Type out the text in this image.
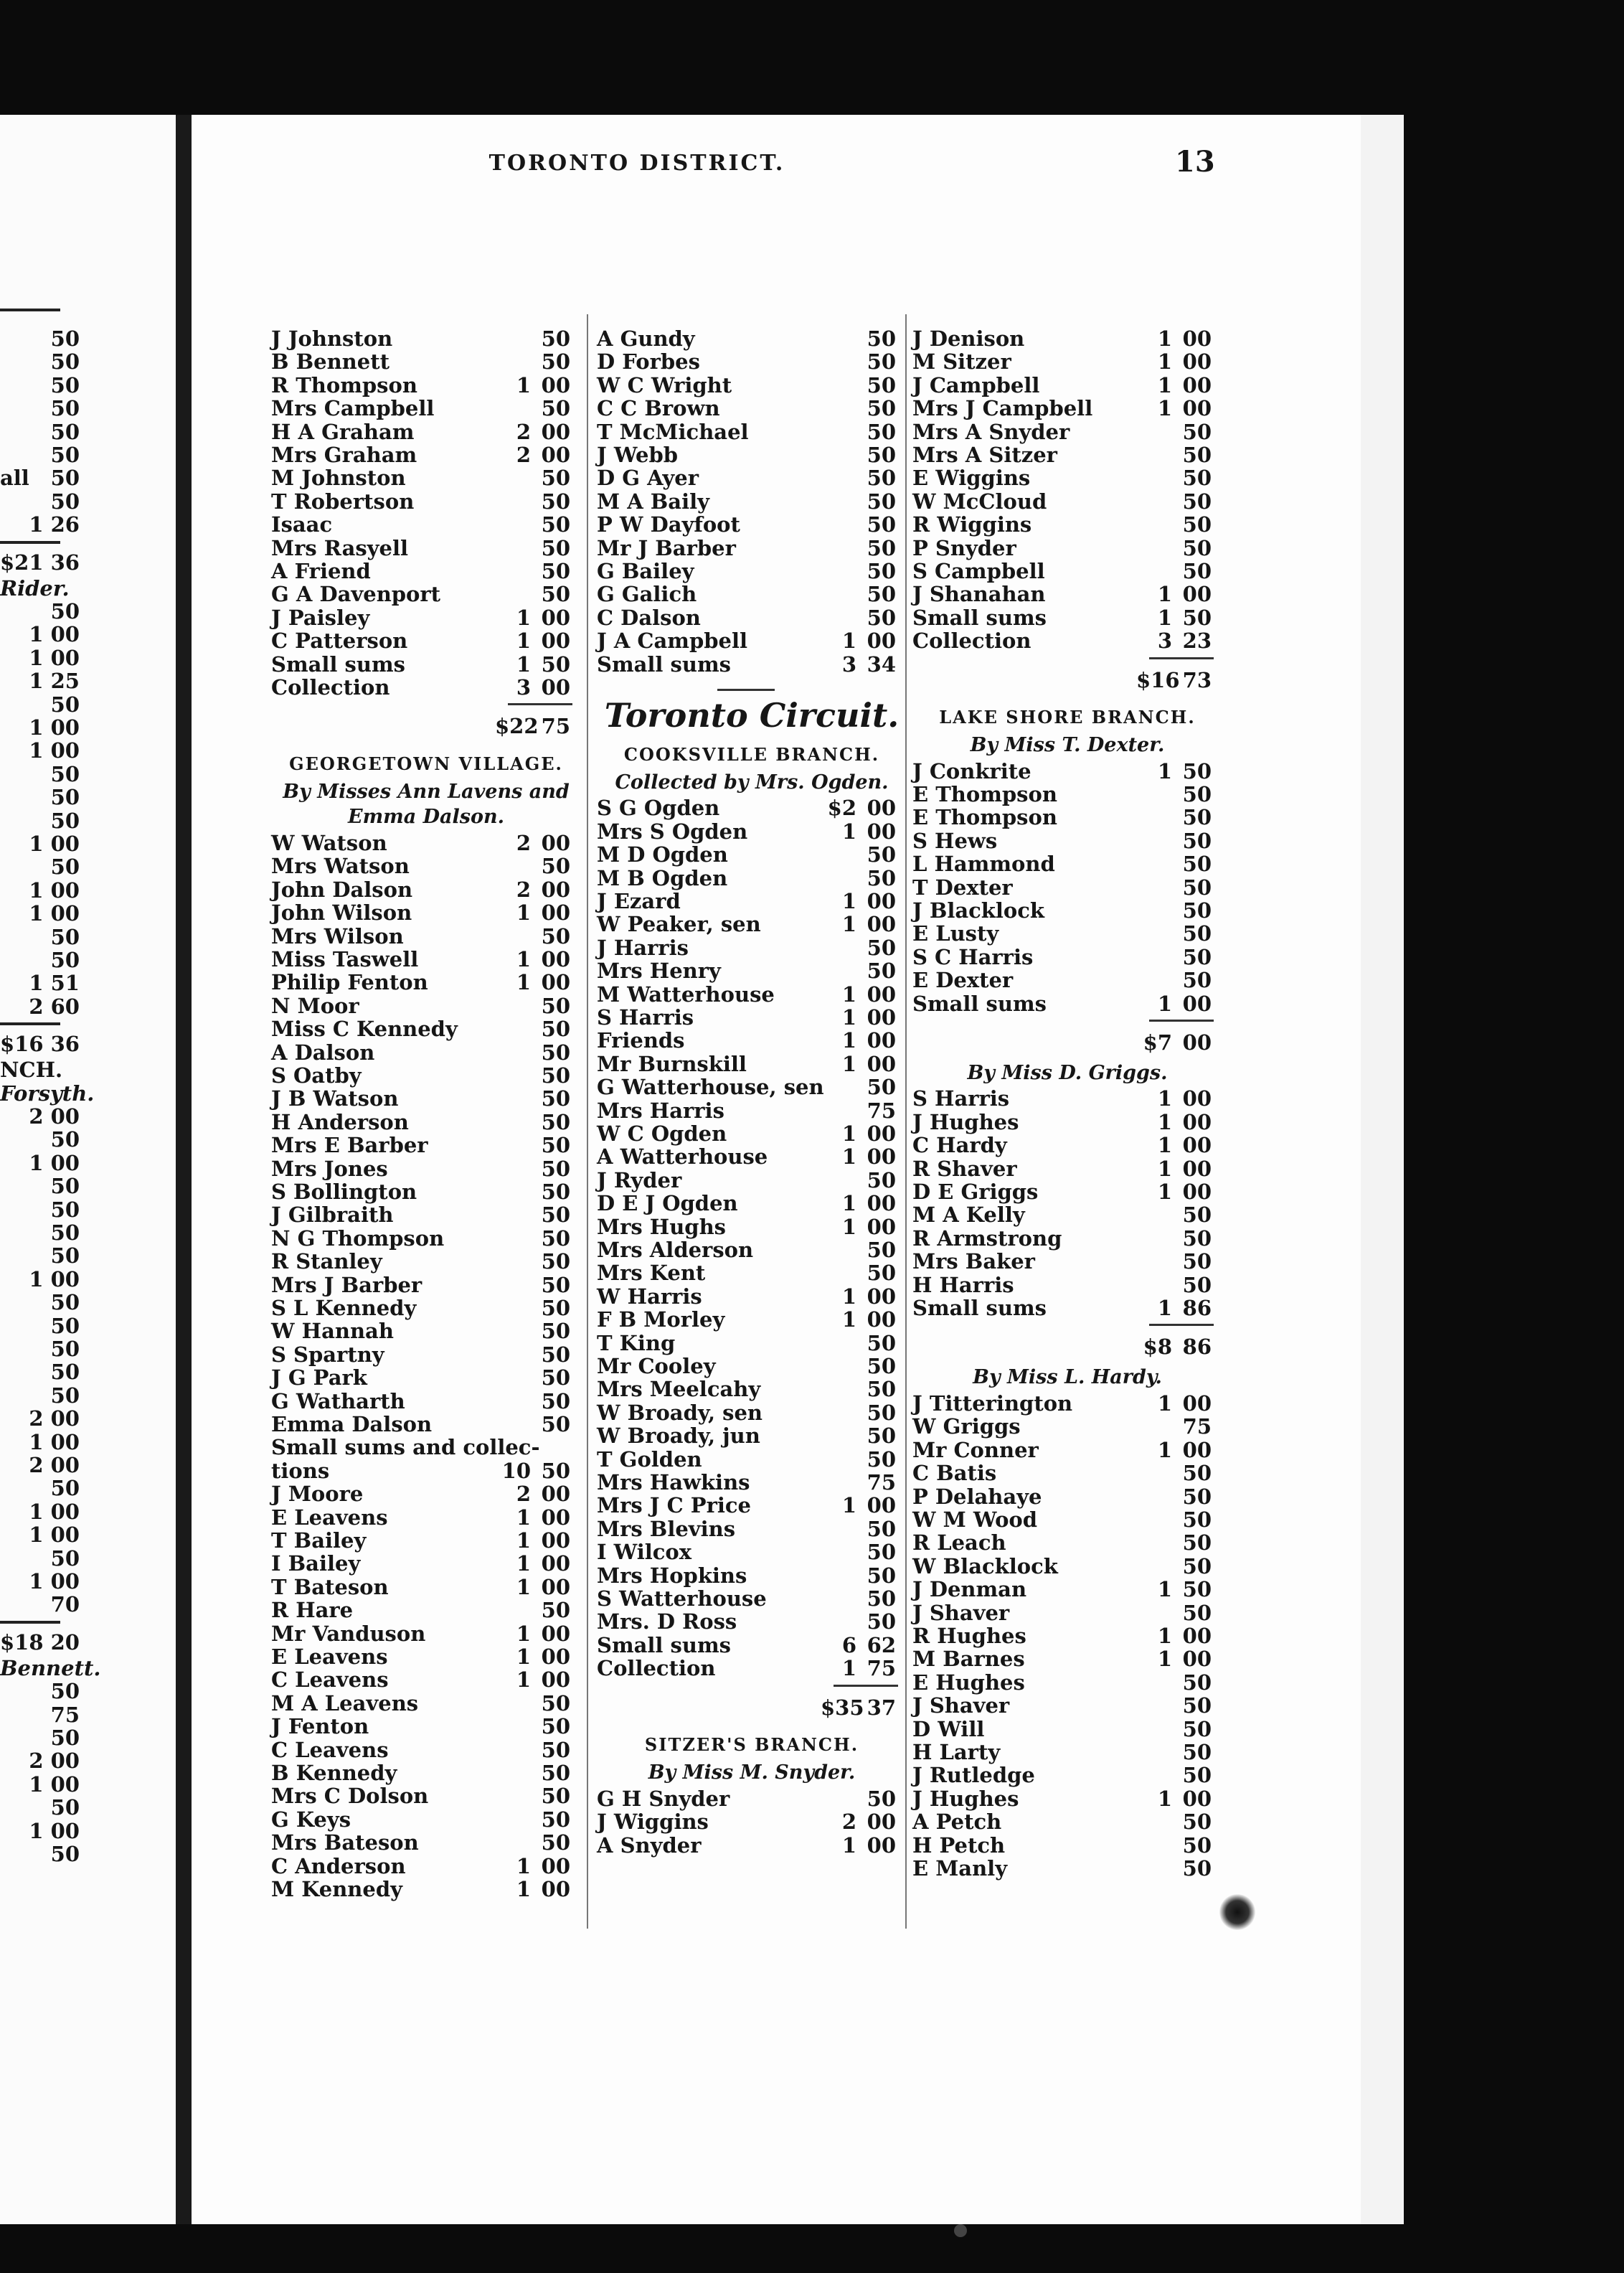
50
50
50
50
50
50
all	50
50
1 26
$21 36
Rider.
50
1 00
1 00
1 25
50
1 00
1 00
50
50
50
1 00
50
1 00
1 00
50
50
1 51
2 60
$16 36
NCH.
Forsyth.
2 00
50
1 00
50
50
50
50
1 00
50
50
50
50
50
2 00
1 00
2 00
50
1 00
1 00
50
1 00
70
$18 20
Bennett.
50
75
50
2 00
1 00
50
1 00
50
TORONTO DISTRICT.	13
J Johnston	50
B Bennett	50
R Thompson	1 00
Mrs Campbell	50
H A Graham	2 00
Mrs Graham	2 00
M Johnston	50
T Robertson	50
Isaac	50
Mrs Rasyell	50
A Friend	50
G A Davenport	50
J Paisley	1 00
C Patterson	1 00
Small sums	1 50
Collection	3 00
$22 75
GEORGETOWN VILLAGE.
By Misses Ann Lavens and
Emma Dalson.
W Watson	2 00
Mrs Watson	50
John Dalson	2 00
John Wilson	1 00
Mrs Wilson	50
Miss Taswell	1 00
Philip Fenton	1 00
N Moor	50
Miss C Kennedy	50
A Dalson	50
S Oatby	50
J B Watson	50
H Anderson	50
Mrs E Barber	50
Mrs Jones	50
S Bollington	50
J Gilbraith	50
N G Thompson	50
R Stanley	50
Mrs J Barber	50
S L Kennedy	50
W Hannah	50
S Spartny	50
J G Park	50
G Watharth	50
Emma Dalson	50
Small sums and collec-
tions	10 50
J Moore	2 00
E Leavens	1 00
T Bailey	1 00
I Bailey	1 00
T Bateson	1 00
R Hare	50
Mr Vanduson	1 00
E Leavens	1 00
C Leavens	1 00
M A Leavens	50
J Fenton	50
C Leavens	50
B Kennedy	50
Mrs C Dolson	50
G Keys	50
Mrs Bateson	50
C Anderson	1 00
M Kennedy	1 00
A Gundy	50
D Forbes	50
W C Wright	50
C C Brown	50
T McMichael	50
J Webb	50
D G Ayer	50
M A Baily	50
P W Dayfoot	50
Mr J Barber	50
G Bailey	50
G Galich	50
C Dalson	50
J A Campbell	1 00
Small sums	3 34
Toronto Circuit.
COOKSVILLE BRANCH.
Collected by Mrs. Ogden.
S G Ogden	$2 00
Mrs S Ogden	1 00
M D Ogden	50
M B Ogden	50
J Ezard	1 00
W Peaker, sen	1 00
J Harris	50
Mrs Henry	50
M Watterhouse	1 00
S Harris	1 00
Friends	1 00
Mr Burnskill	1 00
G Watterhouse, sen	50
Mrs Harris	75
W C Ogden	1 00
A Watterhouse	1 00
J Ryder	50
D E J Ogden	1 00
Mrs Hughs	1 00
Mrs Alderson	50
Mrs Kent	50
W Harris	1 00
F B Morley	1 00
T King	50
Mr Cooley	50
Mrs Meelcahy	50
W Broady, sen	50
W Broady, jun	50
T Golden	50
Mrs Hawkins	75
Mrs J C Price	1 00
Mrs Blevins	50
I Wilcox	50
Mrs Hopkins	50
S Watterhouse	50
Mrs. D Ross	50
Small sums	6 62
Collection	1 75
$35 37
SITZER'S BRANCH.
By Miss M. Snyder.
G H Snyder	50
J Wiggins	2 00
A Snyder	1 00
J Denison	1 00
M Sitzer	1 00
J Campbell	1 00
Mrs J Campbell	1 00
Mrs A Snyder	50
Mrs A Sitzer	50
E Wiggins	50
W McCloud	50
R Wiggins	50
P Snyder	50
S Campbell	50
J Shanahan	1 00
Small sums	1 50
Collection	3 23
$16 73
LAKE SHORE BRANCH.
By Miss T. Dexter.
J Conkrite	1 50
E Thompson	50
E Thompson	50
S Hews	50
L Hammond	50
T Dexter	50
J Blacklock	50
E Lusty	50
S C Harris	50
E Dexter	50
Small sums	1 00
$7 00
By Miss D. Griggs.
S Harris	1 00
J Hughes	1 00
C Hardy	1 00
R Shaver	1 00
D E Griggs	1 00
M A Kelly	50
R Armstrong	50
Mrs Baker	50
H Harris	50
Small sums	1 86
$8 86
By Miss L. Hardy.
J Titterington	1 00
W Griggs	75
Mr Conner	1 00
C Batis	50
P Delahaye	50
W M Wood	50
R Leach	50
W Blacklock	50
J Denman	1 50
J Shaver	50
R Hughes	1 00
M Barnes	1 00
E Hughes	50
J Shaver	50
D Will	50
H Larty	50
J Rutledge	50
J Hughes	1 00
A Petch	50
H Petch	50
E Manly	50
